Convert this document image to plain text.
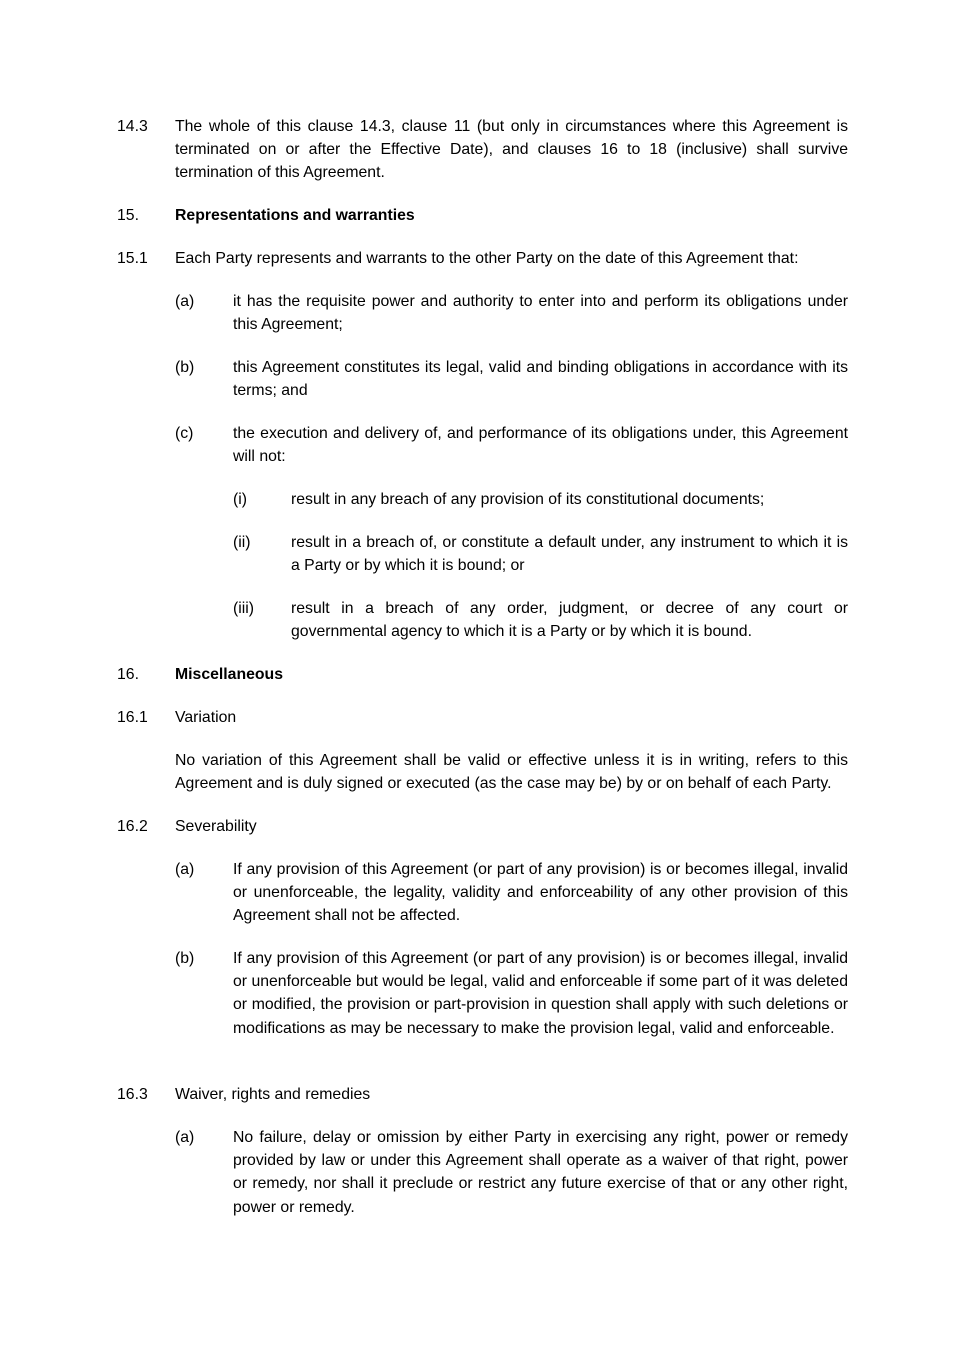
14.3 The whole of this clause 14.3, clause 11 (but only in circumstances where this Agreement is terminated on or after the Effective Date), and clauses 16 to 18 (inclusive) shall survive termination of this Agreement.
15. Representations and warranties
15.1 Each Party represents and warrants to the other Party on the date of this Agreement that:
(a) it has the requisite power and authority to enter into and perform its obligations under this Agreement;
(b) this Agreement constitutes its legal, valid and binding obligations in accordance with its terms; and
(c)	the execution and delivery of, and performance of its obligations under, this Agreement will not:
(i)	result in any breach of any provision of its constitutional documents;
(ii)	result in a breach of, or constitute a default under, any instrument to which it is a Party or by which it is bound; or
(iii) result in a breach of any order, judgment, or decree of any court or governmental agency to which it is a Party or by which it is bound.
16. Miscellaneous
16.1 Variation
No variation of this Agreement shall be valid or effective unless it is in writing, refers to this Agreement and is duly signed or executed (as the case may be) by or on behalf of each Party.
16.2 Severability
(a) If any provision of this Agreement (or part of any provision) is or becomes illegal, invalid or unenforceable, the legality, validity and enforceability of any other provision of this Agreement shall not be affected.
(b) If any provision of this Agreement (or part of any provision) is or becomes illegal, invalid or unenforceable but would be legal, valid and enforceable if some part of it was deleted or modified, the provision or part-provision in question shall apply with such deletions or modifications as may be necessary to make the provision legal, valid and enforceable.
16.3 Waiver, rights and remedies
(a) No failure, delay or omission by either Party in exercising any right, power or remedy provided by law or under this Agreement shall operate as a waiver of that right, power or remedy, nor shall it preclude or restrict any future exercise of that or any other right, power or remedy.
